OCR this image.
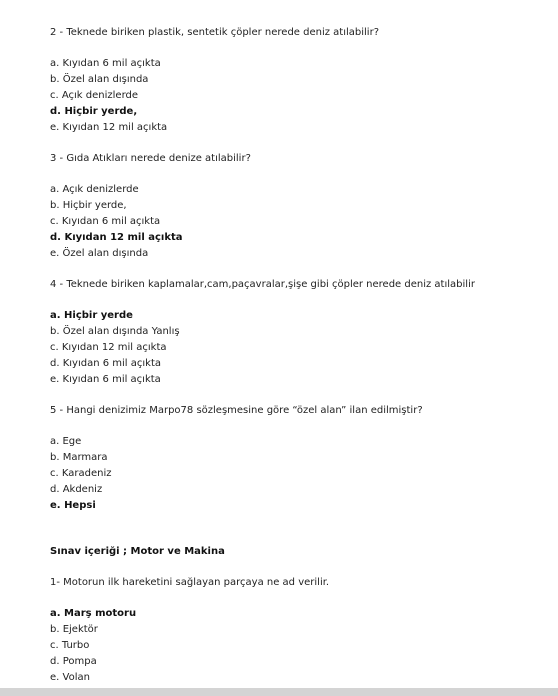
2 - Teknede biriken plastik, sentetik çöpler nerede deniz atılabilir?
a. Kıyıdan 6 mil açıkta
b. Özel alan dışında
c. Açık denizlerde
d. Hiçbir yerde,
e. Kıyıdan 12 mil açıkta
3 - Gıda Atıkları nerede denize atılabilir?
a. Açık denizlerde
b. Hiçbir yerde,
c. Kıyıdan 6 mil açıkta
d. Kıyıdan 12 mil açıkta
e. Özel alan dışında
4 - Teknede biriken kaplamalar,cam,paçavralar,şişe gibi çöpler nerede deniz atılabilir
a. Hiçbir yerde
b. Özel alan dışında Yanlış
c. Kıyıdan 12 mil açıkta
d. Kıyıdan 6 mil açıkta
e. Kıyıdan 6 mil açıkta
5 - Hangi denizimiz Marpo78 sözleşmesine göre “özel alan” ilan edilmiştir?
a. Ege
b. Marmara
c. Karadeniz
d. Akdeniz
e. Hepsi
Sınav içeriği ; Motor ve Makina
1- Motorun ilk hareketini sağlayan parçaya ne ad verilir.
a. Marş motoru
b. Ejektör
c. Turbo
d. Pompa
e. Volan
